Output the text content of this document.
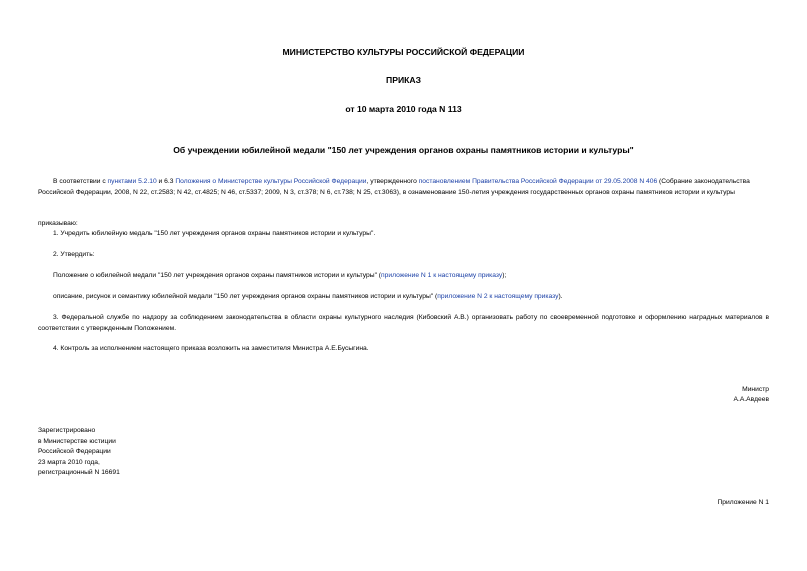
МИНИСТЕРСТВО КУЛЬТУРЫ РОССИЙСКОЙ ФЕДЕРАЦИИ
ПРИКАЗ
от 10 марта 2010 года N 113
Об учреждении юбилейной медали "150 лет учреждения органов охраны памятников истории и культуры"
В соответствии с пунктами 5.2.10 и 6.3 Положения о Министерстве культуры Российской Федерации, утвержденного постановлением Правительства Российской Федерации от 29.05.2008 N 406 (Собрание законодательства Российской Федерации, 2008, N 22, ст.2583; N 42, ст.4825; N 46, ст.5337; 2009, N 3, ст.378; N 6, ст.738; N 25, ст.3063), в ознаменование 150-летия учреждения государственных органов охраны памятников истории и культуры
приказываю:
1. Учредить юбилейную медаль "150 лет учреждения органов охраны памятников истории и культуры".
2. Утвердить:
Положение о юбилейной медали "150 лет учреждения органов охраны памятников истории и культуры" (приложение N 1 к настоящему приказу);
описание, рисунок и семантику юбилейной медали "150 лет учреждения органов охраны памятников истории и культуры" (приложение N 2 к настоящему приказу).
3. Федеральной службе по надзору за соблюдением законодательства в области охраны культурного наследия (Кибовский А.В.) организовать работу по своевременной подготовке и оформлению наградных материалов в соответствии с утвержденным Положением.
4. Контроль за исполнением настоящего приказа возложить на заместителя Министра А.Е.Бусыгина.
Министр
А.А.Авдеев
Зарегистрировано
в Министерстве юстиции
Российской Федерации
23 марта 2010 года,
регистрационный N 16691
Приложение N 1
